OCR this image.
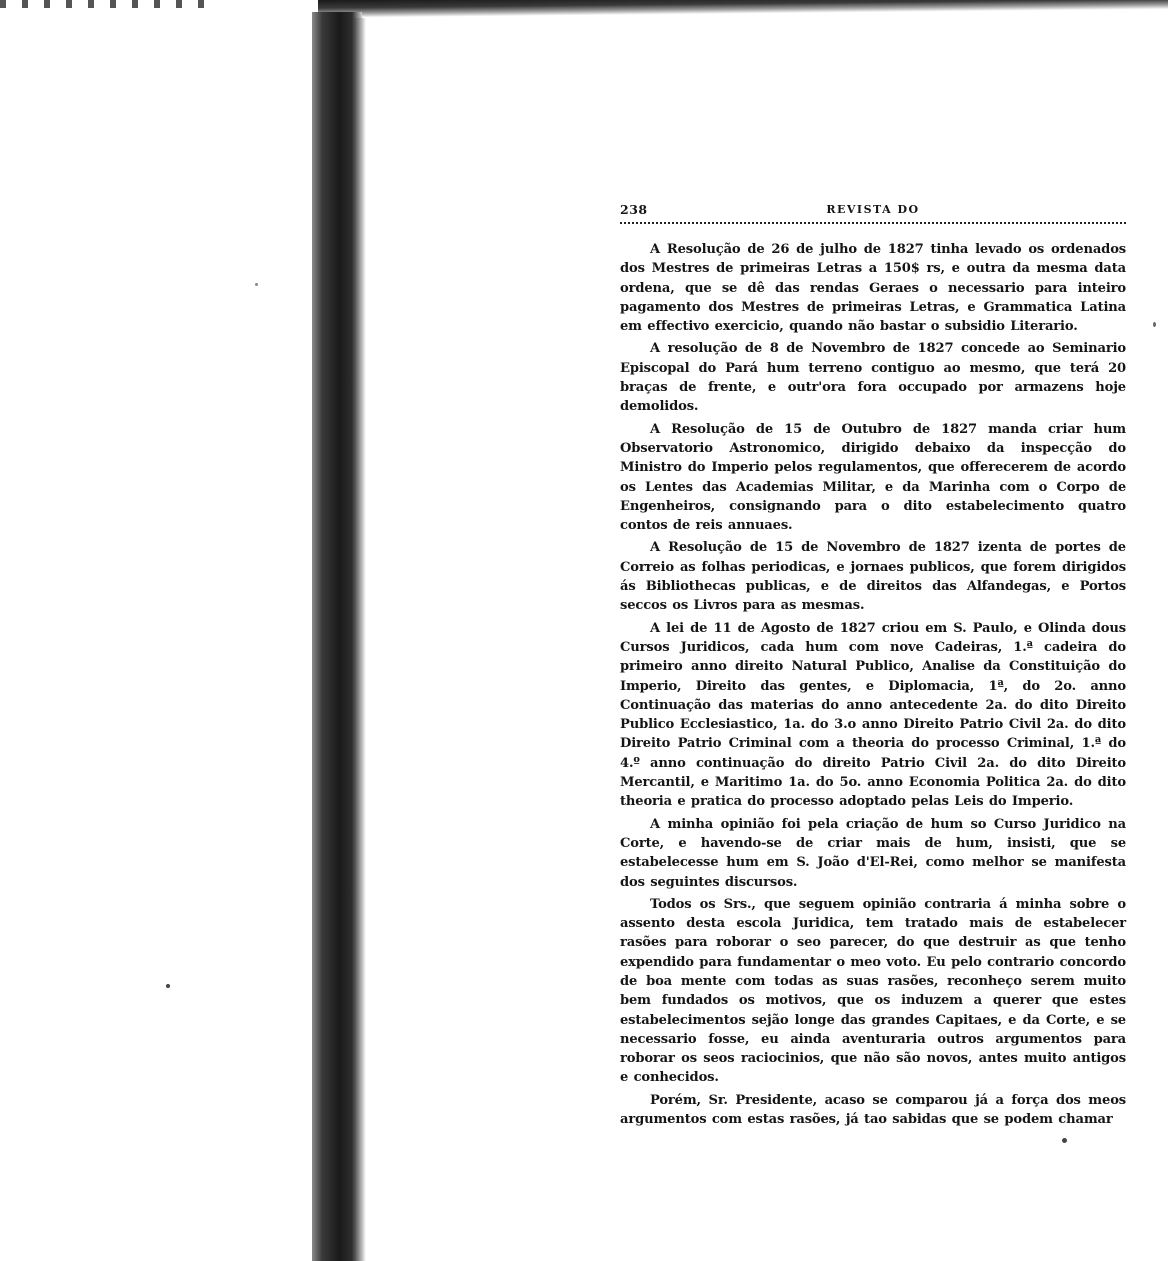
238	REVISTA DO

A Resolução de 26 de julho de 1827 tinha levado os ordenados dos Mestres de primeiras Letras a 150$ rs, e outra da mesma data ordena, que se dê das rendas Geraes o necessario para inteiro pagamento dos Mestres de primeiras Letras, e Grammatica Latina em effectivo exercicio, quando não bastar o subsidio Literario.

A resolução de 8 de Novembro de 1827 concede ao Seminario Episcopal do Pará hum terreno contiguo ao mesmo, que terá 20 braças de frente, e outr'ora fora occupado por armazens hoje demolidos.

A Resolução de 15 de Outubro de 1827 manda criar hum Observatorio Astronomico, dirigido debaixo da inspecção do Ministro do Imperio pelos regulamentos, que offerecerem de acordo os Lentes das Academias Militar, e da Marinha com o Corpo de Engenheiros, consignando para o dito estabelecimento quatro contos de reis annuaes.

A Resolução de 15 de Novembro de 1827 izenta de portes de Correio as folhas periodicas, e jornaes publicos, que forem dirigidos ás Bibliothecas publicas, e de direitos das Alfandegas, e Portos seccos os Livros para as mesmas.

A lei de 11 de Agosto de 1827 criou em S. Paulo, e Olinda dous Cursos Juridicos, cada hum com nove Cadeiras, 1.ª cadeira do primeiro anno direito Natural Publico, Analise da Constituição do Imperio, Direito das gentes, e Diplomacia, 1ª, do 2o. anno Continuação das materias do anno antecedente 2a. do dito Direito Publico Ecclesiastico, 1a. do 3.o anno Direito Patrio Civil 2a. do dito Direito Patrio Criminal com a theoria do processo Criminal, 1.ª do 4.º anno continuação do direito Patrio Civil 2a. do dito Direito Mercantil, e Maritimo 1a. do 5o. anno Economia Politica 2a. do dito theoria e pratica do processo adoptado pelas Leis do Imperio.

A minha opinião foi pela criação de hum so Curso Juridico na Corte, e havendo-se de criar mais de hum, insisti, que se estabelecesse hum em S. João d'El-Rei, como melhor se manifesta dos seguintes discursos.

Todos os Srs., que seguem opinião contraria á minha sobre o assento desta escola Juridica, tem tratado mais de estabelecer rasões para roborar o seo parecer, do que destruir as que tenho expendido para fundamentar o meo voto. Eu pelo contrario concordo de boa mente com todas as suas rasões, reconheço serem muito bem fundados os motivos, que os induzem a querer que estes estabelecimentos sejão longe das grandes Capitaes, e da Corte, e se necessario fosse, eu ainda aventuraria outros argumentos para roborar os seos raciocinios, que não são novos, antes muito antigos e conhecidos.

Porém, Sr. Presidente, acaso se comparou já a força dos meos argumentos com estas rasões, já tao sabidas que se podem chamar
